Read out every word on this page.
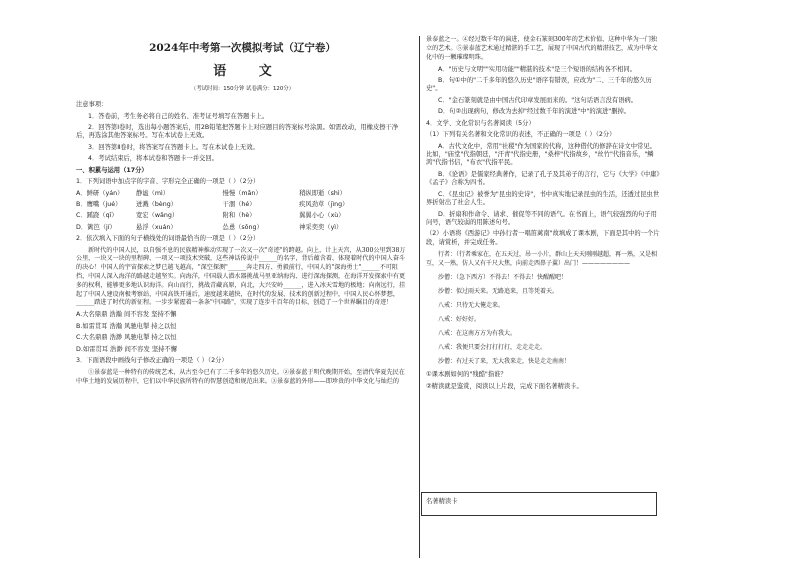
2024年中考第一次模拟考试（辽宁卷）
语 文
（考试时间：150分钟 试卷满分：120分）
注意事项：
1．答卷前，考生务必将自己的姓名、准考证号填写在答题卡上。
2．回答第Ⅰ卷时，选出每小题答案后，用2B铅笔把答题卡上对应题目的答案标号涂黑。如需改动，用橡皮擦干净后，再选涂其他答案标号。写在本试卷上无效。
3．回答第Ⅱ卷时，将答案写在答题卡上。写在本试卷上无效。
4．考试结束后，将本试卷和答题卡一并交回。
一、积累与运用（17分）
1．下列词语中加点字的字音、字形完全正确的一项是（ ）（2分）
A．鲜研（yán）	静谧（mì）	慢慢（mǎn）	稍纵即逝（shì）
B．鹰嘴（jué）	迸溅（bèng）	干涸（hé）	疾风劲草（jìng）
C．蹊跷（qī）	宽宏（wǎng）	附和（hè）	翼翼小心（xù）
D．篱笆（jí）	悬浮（xuán）	怂恿（sǒng）	神采奕奕（yì）
2．依次填入下面的句子横线处的词语最恰当的一项是（ ）（2分）
新时代的中国人民，以自强不息的民族精神推动实现了一次又一次"奇迹"的跨越。向上，计上天宫，从300公里到38万公里，一块又一块的里程碑、一项又一项技术突破，这些神话传说中______的名字，背后蕴含着、体现着时代的中国人奋斗的决心！中国人的宇宙探索之梦已越飞越高，"深空探测"______奔走四方、勇毅前行，中国人的"深海勇士"______不可阻挡，中国人深入海洋的路越走越坚实。向海洋，中国载人潜水器挑战马里亚纳海沟、进行深海探测，在海洋开发探索中有更多的权利，能够更多地认识海洋。向山而行，挑战青藏高原，向北，大兴安岭______，进入冰天雪地的极地；向南远行，挂起了中国人建设南极考察站，中国高铁开通后，速度越来越快，在时代的发展、技术的创新过程中，中国人民心怀梦想，______踏进了时代的新征程。一步步紧握着一条条"中国路"，实现了连步千百年的目标，创造了一个世界瞩目的奇迹！
A.大名鼎鼎 浩瀚 间不容发 坚持不懈
B.如雷贯耳 浩瀚 风驰电掣 持之以恒
C.大名鼎鼎 浩渺 风驰电掣 持之以恒
D.如雷贯耳 浩渺 间不容发 坚持不懈
3．下面语段中画线句子修改正确的一项是（ ）（2分）
①景泰蓝是一种特有的传统艺术，从古至今已有了二千多年的悠久历史。②景泰蓝于明代晚期开始，至清代华夏先民在中华土地的发展历程中，它们以中华民族所特有的智慧创造和规范出来。③景泰蓝的外形——即珍贵的中华文化与灿烂的
景泰蓝之一。④经过数千年的演进，使金石篆刻300年的艺术价值，这种中华为一门独立的艺术。⑤景泰蓝艺术通过精湛的手工艺，展现了中国古代的精湛技艺，成为中华文化中的一颗璀璨明珠。
A．"历史与文明""实用功能""精湛的技术"是三个短语的结构各不相同。
B．句①中的"二千多年的悠久历史"语序有错误，应改为"二、三千年的悠久历史"。
C．"金石篆刻就是由中国古代印章发展而来的。"这句话语言没有语病。
D．句②出现病句，修改为去掉"经过数千年的演进"中"的演进"删掉。
4．文学、文化常识与名著阅读（5分）
（1）下列有关名著和文化常识的表述，不正确的一项是（ ）（2分）
A．古代文化中，常用"社稷"作为国家的代称，这种借代的修辞在诗文中常见。比如，"庙堂"代指朝廷，"汗青"代指史册，"桑梓"代指故乡，"丝竹"代指音乐，"鳞鸿"代指书信，"布衣"代指平民。
B．《论语》是儒家经典著作，记录了孔子及其弟子的言行，它与《大学》《中庸》《孟子》合称为四书。
C．《昆虫记》被誉为"昆虫的史诗"，书中真实地记录昆虫的生活，还透过昆虫世界折射出了社会人生。
D．折扇和作命令、请求、催促等不同的语气。在书面上，语气较强烈的句子用问号，语气较弱的用陈述句号。
（2）小语将《西游记》中孙行者一唱笛蓠南"故填成了课本剧，下面是其中的一个片段，请赏析，并完成任务。
行者：（行者乘家在，在五天过，吊一小片，群山上天天刚刚越超，再一熟，又是相互，又一熟，仿人又有千尺大焦，向前走西鼻子翼）出门！————————
沙僧：（急下西方）不得去！不得去！快醒醒吧！
沙僧：似过雨天来。无路追来，且等凭着天。
八戒：只待无大俺走来。
八戒：好好好。
八戒：在这南方方为有我大。
八戒：我便只要会打打打打，走走走走。
沙僧：有过天了来，无大我来走，快是走走南南！
①课本剧如何的"残酷"指谁？
②精读就是鉴赏，阅读以上片段，完成下面名著精读卡。
名著精读卡
